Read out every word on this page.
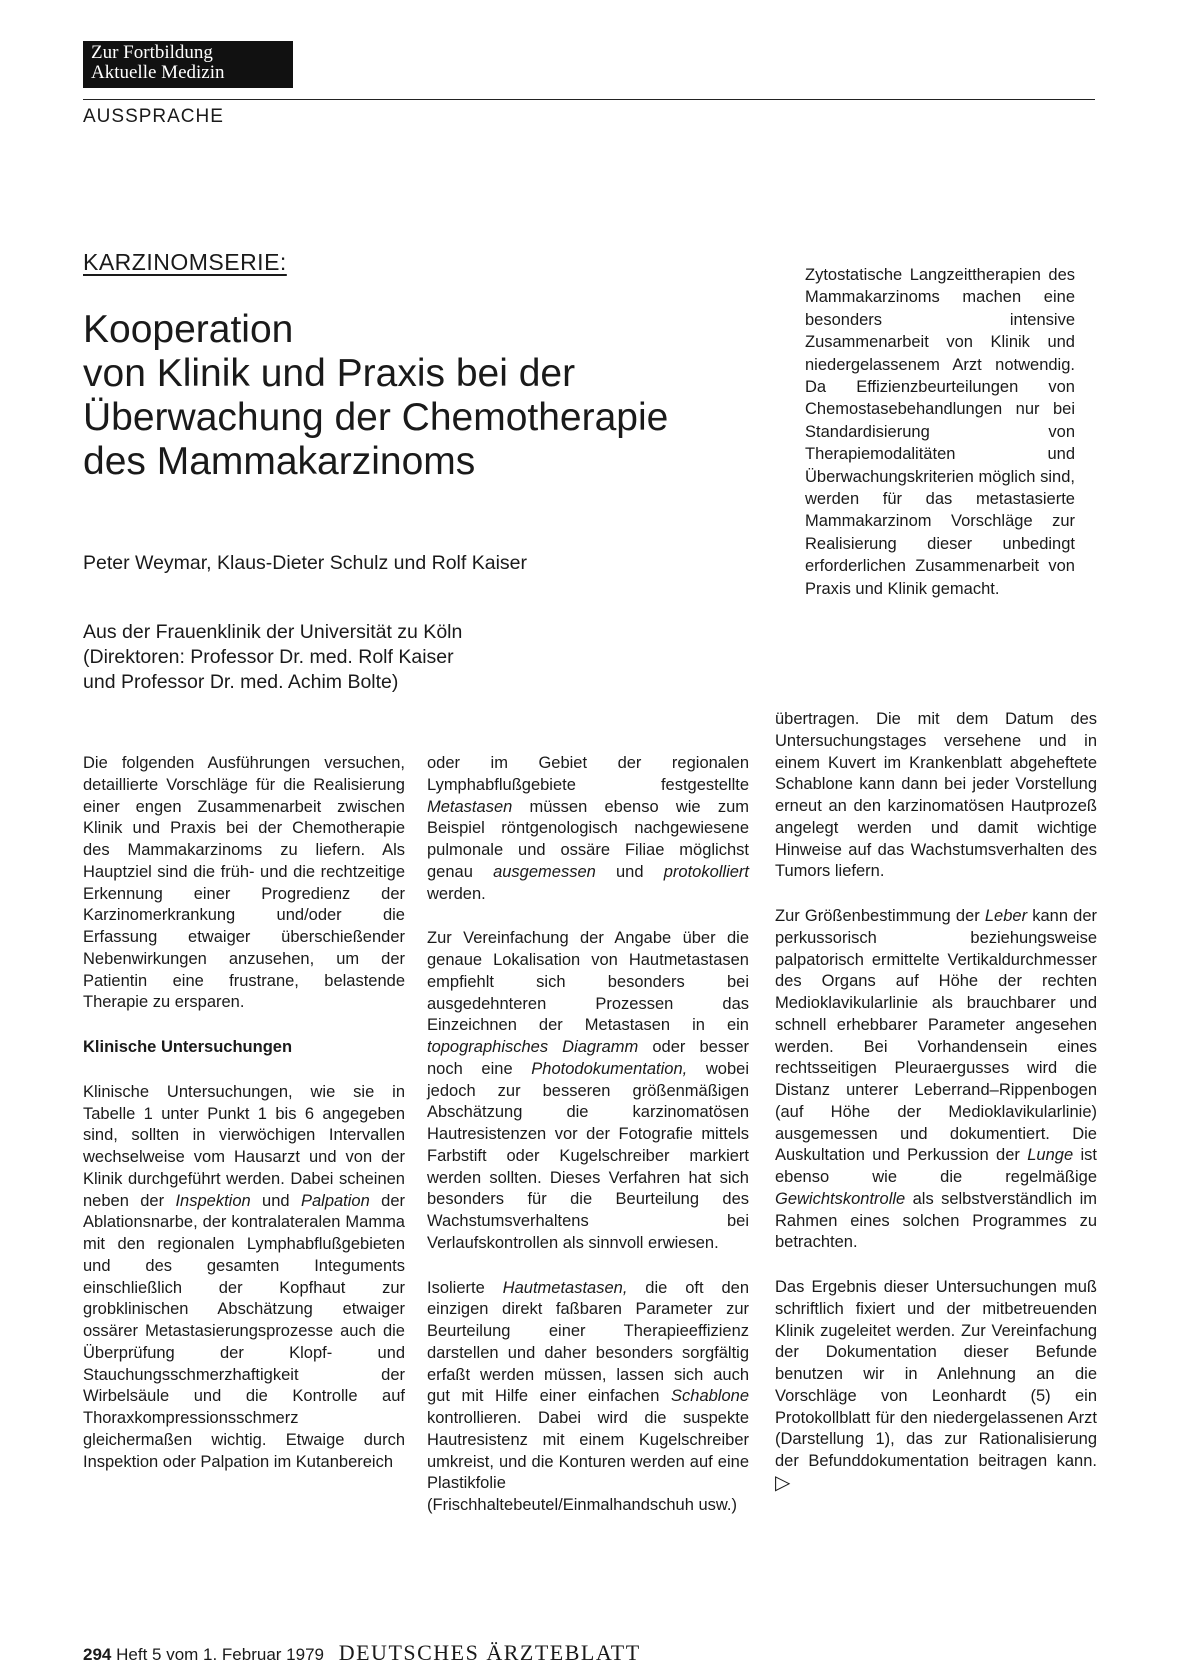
Zur Fortbildung
Aktuelle Medizin
AUSSPRACHE
KARZINOMSERIE:
Kooperation
von Klinik und Praxis bei der
Überwachung der Chemotherapie
des Mammakarzinoms
Peter Weymar, Klaus-Dieter Schulz und Rolf Kaiser
Aus der Frauenklinik der Universität zu Köln
(Direktoren: Professor Dr. med. Rolf Kaiser
und Professor Dr. med. Achim Bolte)
Zytostatische Langzeittherapien des Mammakarzinoms machen eine besonders intensive Zusammenarbeit von Klinik und niedergelassenem Arzt notwendig. Da Effizienzbeurteilungen von Chemostasebehandlungen nur bei Standardisierung von Therapiemodalitäten und Überwachungskriterien möglich sind, werden für das metastasierte Mammakarzinom Vorschläge zur Realisierung dieser unbedingt erforderlichen Zusammenarbeit von Praxis und Klinik gemacht.

Die folgenden Ausführungen versuchen, detaillierte Vorschläge für die Realisierung einer engen Zusammenarbeit zwischen Klinik und Praxis bei der Chemotherapie des Mammakarzinoms zu liefern. Als Hauptziel sind die früh- und die rechtzeitige Erkennung einer Progredienz der Karzinomerkrankung und/oder die Erfassung etwaiger überschießender Nebenwirkungen anzusehen, um der Patientin eine frustrane, belastende Therapie zu ersparen.

Klinische Untersuchungen

Klinische Untersuchungen, wie sie in Tabelle 1 unter Punkt 1 bis 6 angegeben sind, sollten in vierwöchigen Intervallen wechselweise vom Hausarzt und von der Klinik durchgeführt werden. Dabei scheinen neben der Inspektion und Palpation der Ablationsnarbe, der kontralateralen Mamma mit den regionalen Lymphabflußgebieten und des gesamten Integuments einschließlich der Kopfhaut zur grobklinischen Abschätzung etwaiger ossärer Metastasierungsprozesse auch die Überprüfung der Klopf- und Stauchungsschmerzhaftigkeit der Wirbelsäule und die Kontrolle auf Thoraxkompressionsschmerz gleichermaßen wichtig. Etwaige durch Inspektion oder Palpation im Kutanbereich

oder im Gebiet der regionalen Lymphabflußgebiete festgestellte Metastasen müssen ebenso wie zum Beispiel röntgenologisch nachgewiesene pulmonale und ossäre Filiae möglichst genau ausgemessen und protokolliert werden.

Zur Vereinfachung der Angabe über die genaue Lokalisation von Hautmetastasen empfiehlt sich besonders bei ausgedehnteren Prozessen das Einzeichnen der Metastasen in ein topographisches Diagramm oder besser noch eine Photodokumentation, wobei jedoch zur besseren größenmäßigen Abschätzung die karzinomatösen Hautresistenzen vor der Fotografie mittels Farbstift oder Kugelschreiber markiert werden sollten. Dieses Verfahren hat sich besonders für die Beurteilung des Wachstumsverhaltens bei Verlaufskontrollen als sinnvoll erwiesen.

Isolierte Hautmetastasen, die oft den einzigen direkt faßbaren Parameter zur Beurteilung einer Therapieeffizienz darstellen und daher besonders sorgfältig erfaßt werden müssen, lassen sich auch gut mit Hilfe einer einfachen Schablone kontrollieren. Dabei wird die suspekte Hautresistenz mit einem Kugelschreiber umkreist, und die Konturen werden auf eine Plastikfolie (Frischhaltebeutel/Einmalhandschuh usw.)

übertragen. Die mit dem Datum des Untersuchungstages versehene und in einem Kuvert im Krankenblatt abgeheftete Schablone kann dann bei jeder Vorstellung erneut an den karzinomatösen Hautprozeß angelegt werden und damit wichtige Hinweise auf das Wachstumsverhalten des Tumors liefern.

Zur Größenbestimmung der Leber kann der perkussorisch beziehungsweise palpatorisch ermittelte Vertikaldurchmesser des Organs auf Höhe der rechten Medioklavikularlinie als brauchbarer und schnell erhebbarer Parameter angesehen werden. Bei Vorhandensein eines rechtsseitigen Pleuraergusses wird die Distanz unterer Leberrand–Rippenbogen (auf Höhe der Medioklavikularlinie) ausgemessen und dokumentiert. Die Auskultation und Perkussion der Lunge ist ebenso wie die regelmäßige Gewichtskontrolle als selbstverständlich im Rahmen eines solchen Programmes zu betrachten.

Das Ergebnis dieser Untersuchungen muß schriftlich fixiert und der mitbetreuenden Klinik zugeleitet werden. Zur Vereinfachung der Dokumentation dieser Befunde benutzen wir in Anlehnung an die Vorschläge von Leonhardt (5) ein Protokollblatt für den niedergelassenen Arzt (Darstellung 1), das zur Rationalisierung der Befunddokumentation beitragen kann. ▷

294 Heft 5 vom 1. Februar 1979 DEUTSCHES ÄRZTEBLATT
